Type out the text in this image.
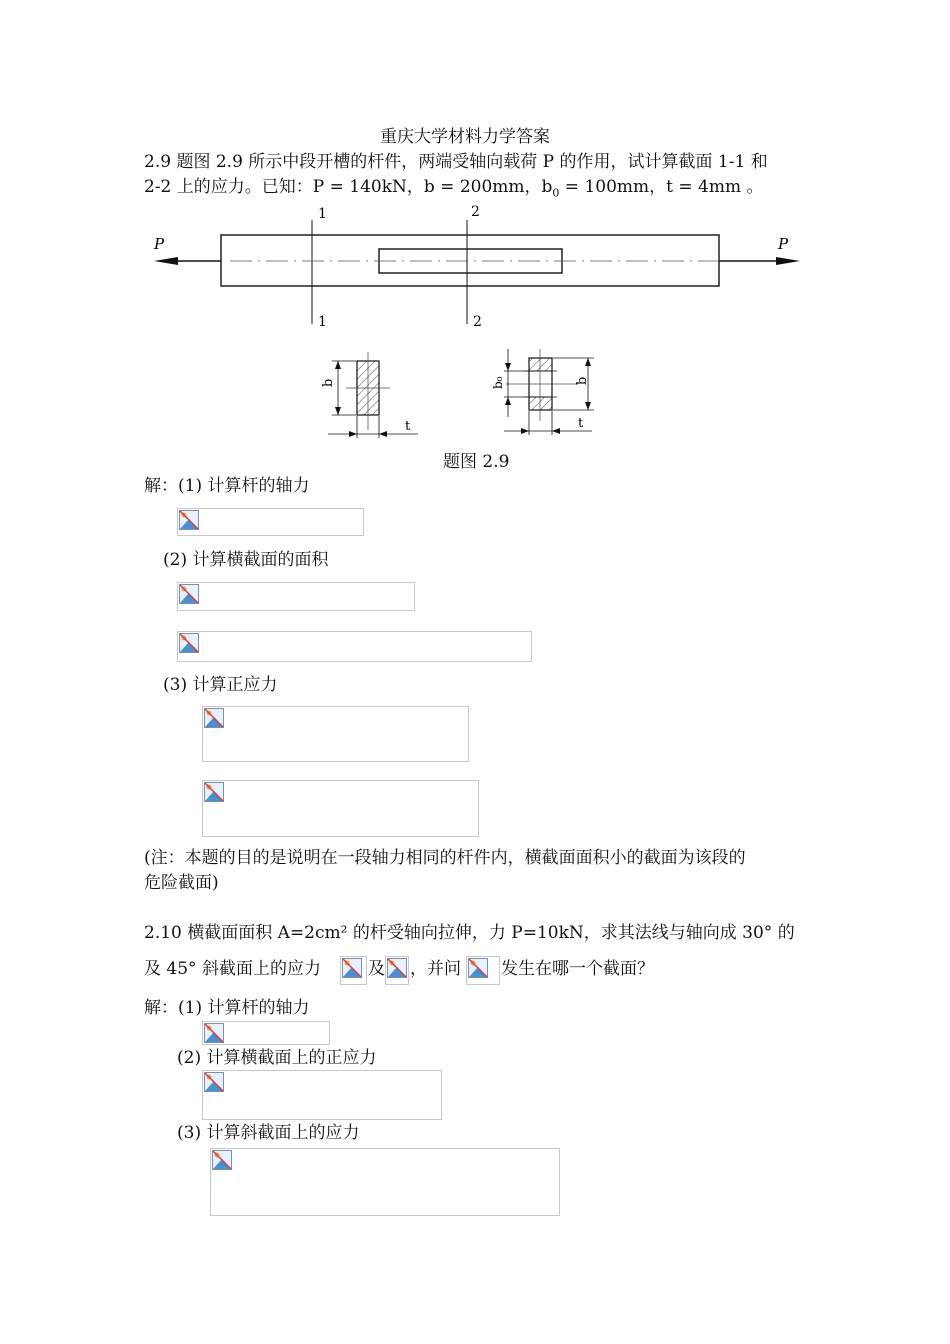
重庆大学材料力学答案
2.9 题图 2.9 所示中段开槽的杆件，两端受轴向载荷 P 的作用，试计算截面 1-1 和
2-2 上的应力。已知：P = 140kN，b = 200mm，$b_0 = 100mm$，t = 4mm 。
P	P
1
1
2
2
b
t
b₀	b
t
题图 2.9
解：(1) 计算杆的轴力
(2) 计算横截面的面积
(3) 计算正应力
(注：本题的目的是说明在一段轴力相同的杆件内，横截面面积小的截面为该段的
危险截面)
2.10 横截面面积 A=2cm² 的杆受轴向拉伸，力 P=10kN，求其法线与轴向成 30° 的
及 45° 斜截面上的应力	及 ，并问 发生在哪一个截面？
解：(1) 计算杆的轴力
(2) 计算横截面上的正应力
(3) 计算斜截面上的应力
